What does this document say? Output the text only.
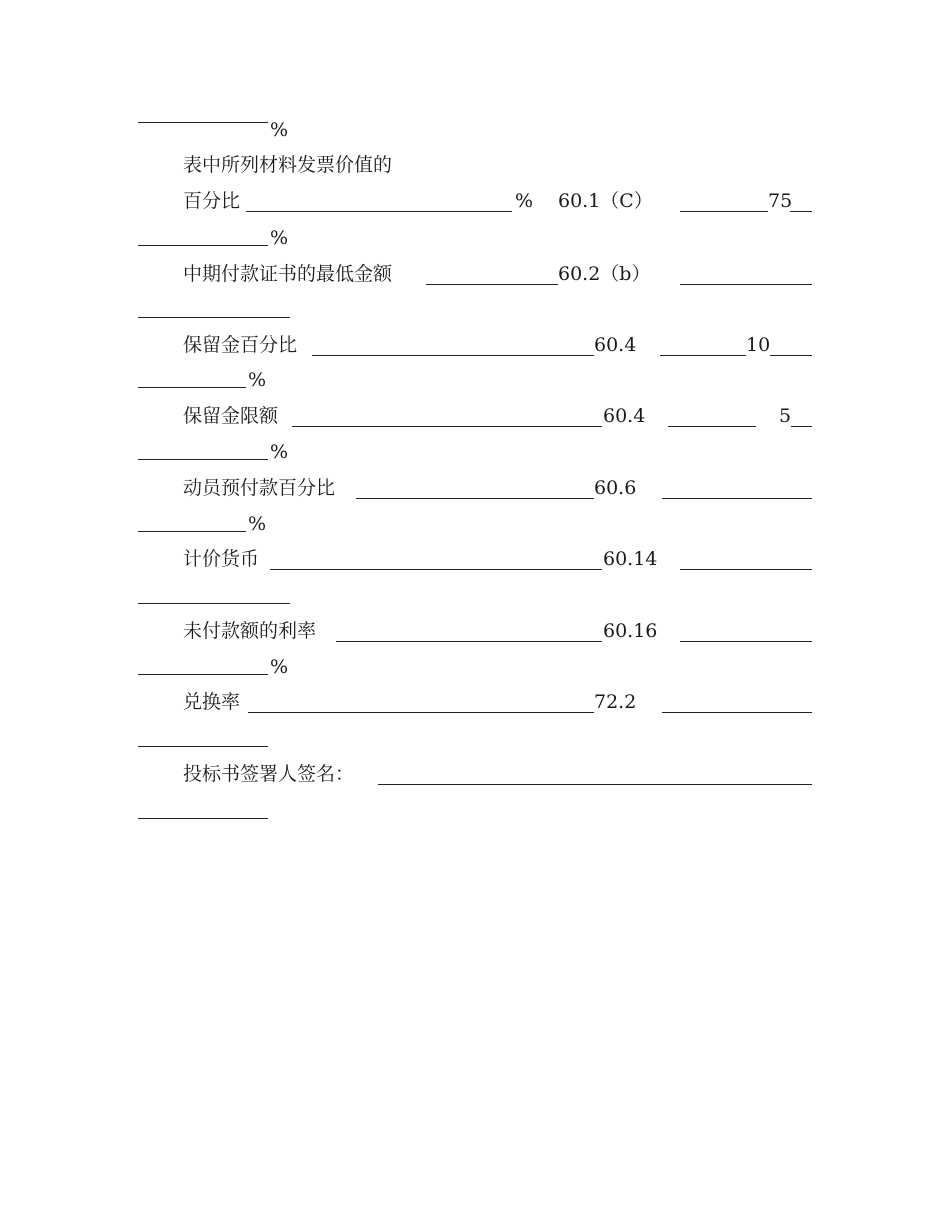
%
表中所列材料发票价值的
百分比	% 60.1（C）	75
%
中期付款证书的最低金额	60.2（b）
保留金百分比	60.4	10
%
保留金限额	60.4	5
%
动员预付款百分比	60.6
%
计价货币	60.14
未付款额的利率	60.16
%
兑换率	72.2
投标书签署人签名：
